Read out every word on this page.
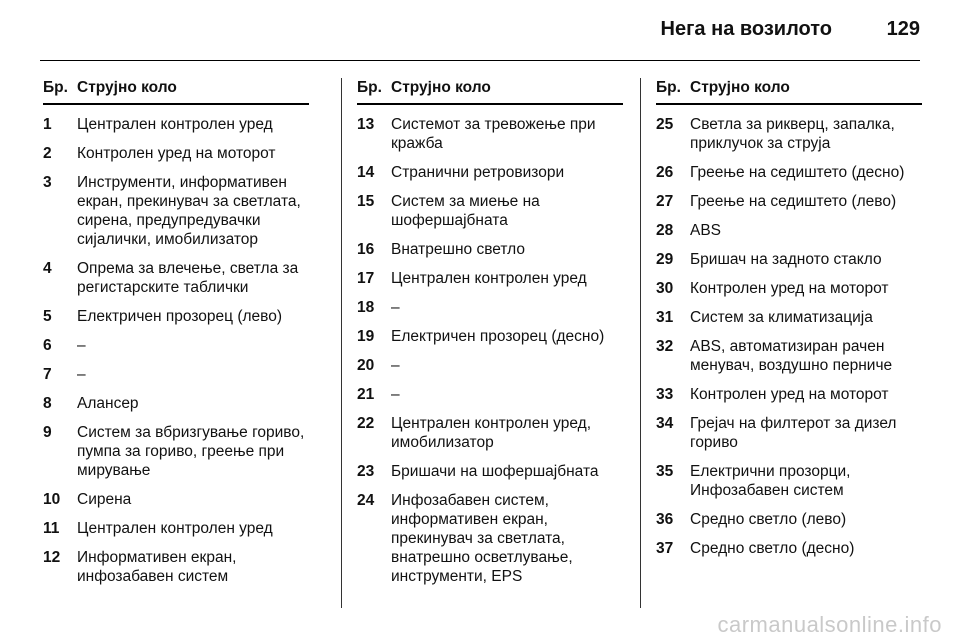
Нега на возилото	129
Бр. Струјно коло
1	Централен контролен уред
2	Контролен уред на моторот
3	Инструменти, информативен екран, прекинувач за светлата, сирена, предупредувачки сијалички, имобилизатор
4	Опрема за влечење, светла за регистарските таблички
5	Електричен прозорец (лево)
6	–
7	–
8	Алансер
9	Систем за вбризгување гориво, пумпа за гориво, греење при мирување
10	Сирена
11	Централен контролен уред
12	Информативен екран, инфозабавен систем
Бр. Струјно коло
13	Системот за тревожење при кражба
14	Странични ретровизори
15	Систем за миење на шофершајбната
16	Внатрешно светло
17	Централен контролен уред
18	–
19	Електричен прозорец (десно)
20	–
21	–
22	Централен контролен уред, имобилизатор
23	Бришачи на шофершајбната
24	Инфозабавен систем, информативен екран, прекинувач за светлата, внатрешно осветлување, инструменти, EPS
Бр. Струјно коло
25	Светла за рикверц, запалка,
приклучок за струја
26	Греење на седиштето (десно)
27	Греење на седиштето (лево)
28	ABS
29	Бришач на задното стакло
30	Контролен уред на моторот
31	Систем за климатизација
32	ABS, автоматизиран рачен
менувач, воздушно перниче
33	Контролен уред на моторот
34	Грејач на филтерот за дизел
гориво
35	Електрични прозорци,
Инфозабавен систем
36	Средно светло (лево)
37	Средно светло (десно)
carmanualsonline.info
